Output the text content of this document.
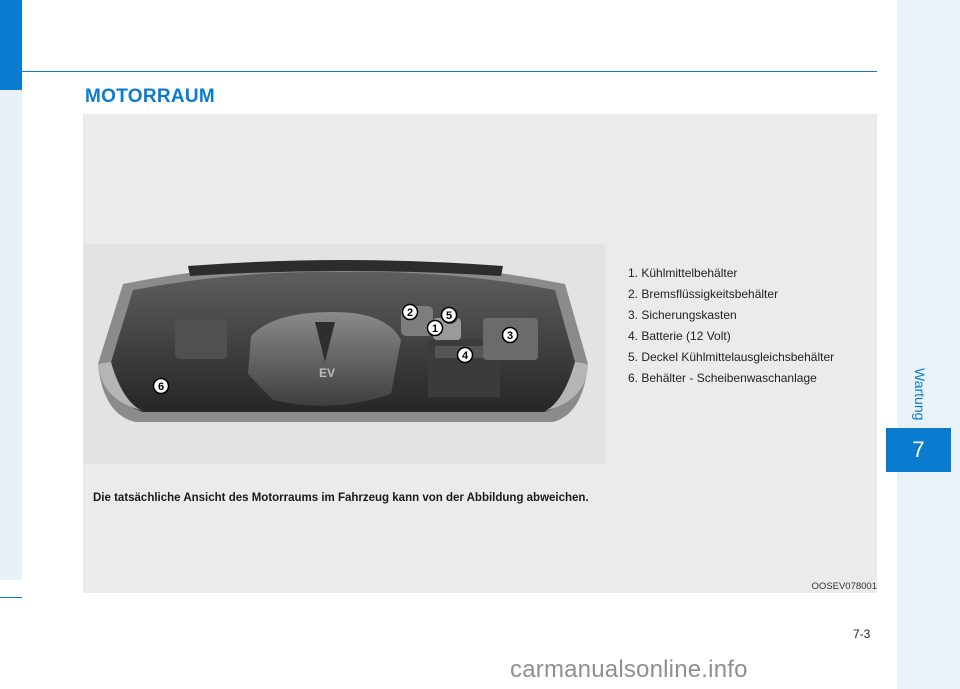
MOTORRAUM
EV
1
2
3
4
5
6
1. Kühlmittelbehälter
2. Bremsflüssigkeitsbehälter
3. Sicherungskasten
4. Batterie (12 Volt)
5. Deckel Kühlmittelausgleichsbehälter
6. Behälter - Scheibenwaschanlage
Die tatsächliche Ansicht des Motorraums im Fahrzeug kann von der Abbildung abweichen.
OOSEV078001
Wartung
7
7-3
carmanualsonline.info
